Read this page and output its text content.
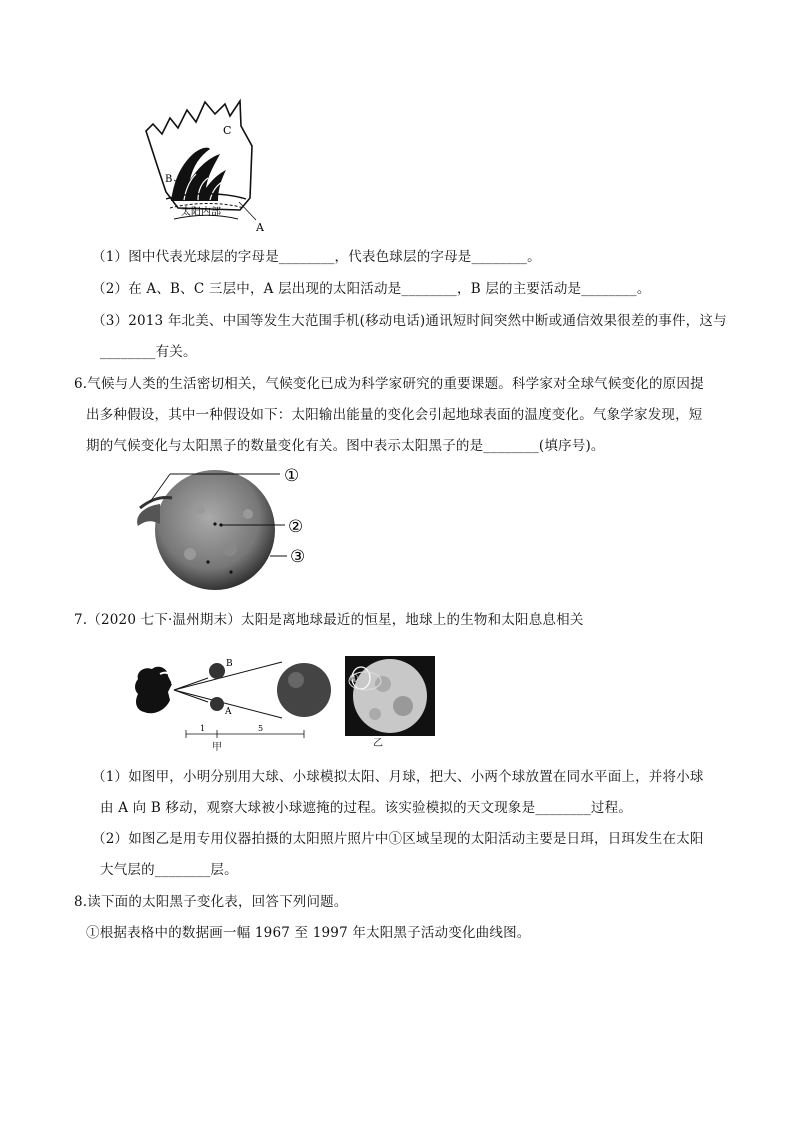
C
B
太阳内部
A
（1）图中代表光球层的字母是________，代表色球层的字母是________。
（2）在 A、B、C 三层中，A 层出现的太阳活动是________，B 层的主要活动是________。
（3）2013 年北美、中国等发生大范围手机(移动电话)通讯短时间突然中断或通信效果很差的事件，这与
________有关。
6.气候与人类的生活密切相关，气候变化已成为科学家研究的重要课题。科学家对全球气候变化的原因提
出多种假设，其中一种假设如下：太阳输出能量的变化会引起地球表面的温度变化。气象学家发现，短
期的气候变化与太阳黑子的数量变化有关。图中表示太阳黑子的是________(填序号)。
①
②
③
7.（2020 七下·温州期末）太阳是离地球最近的恒星，地球上的生物和太阳息息相关
B
A
1	5
甲
①
乙
（1）如图甲，小明分别用大球、小球模拟太阳、月球，把大、小两个球放置在同水平面上，并将小球
由 A 向 B 移动，观察大球被小球遮掩的过程。该实验模拟的天文现象是________过程。
（2）如图乙是用专用仪器拍摄的太阳照片照片中①区域呈现的太阳活动主要是日珥，日珥发生在太阳
大气层的________层。
8.读下面的太阳黑子变化表，回答下列问题。
①根据表格中的数据画一幅 1967 至 1997 年太阳黑子活动变化曲线图。
